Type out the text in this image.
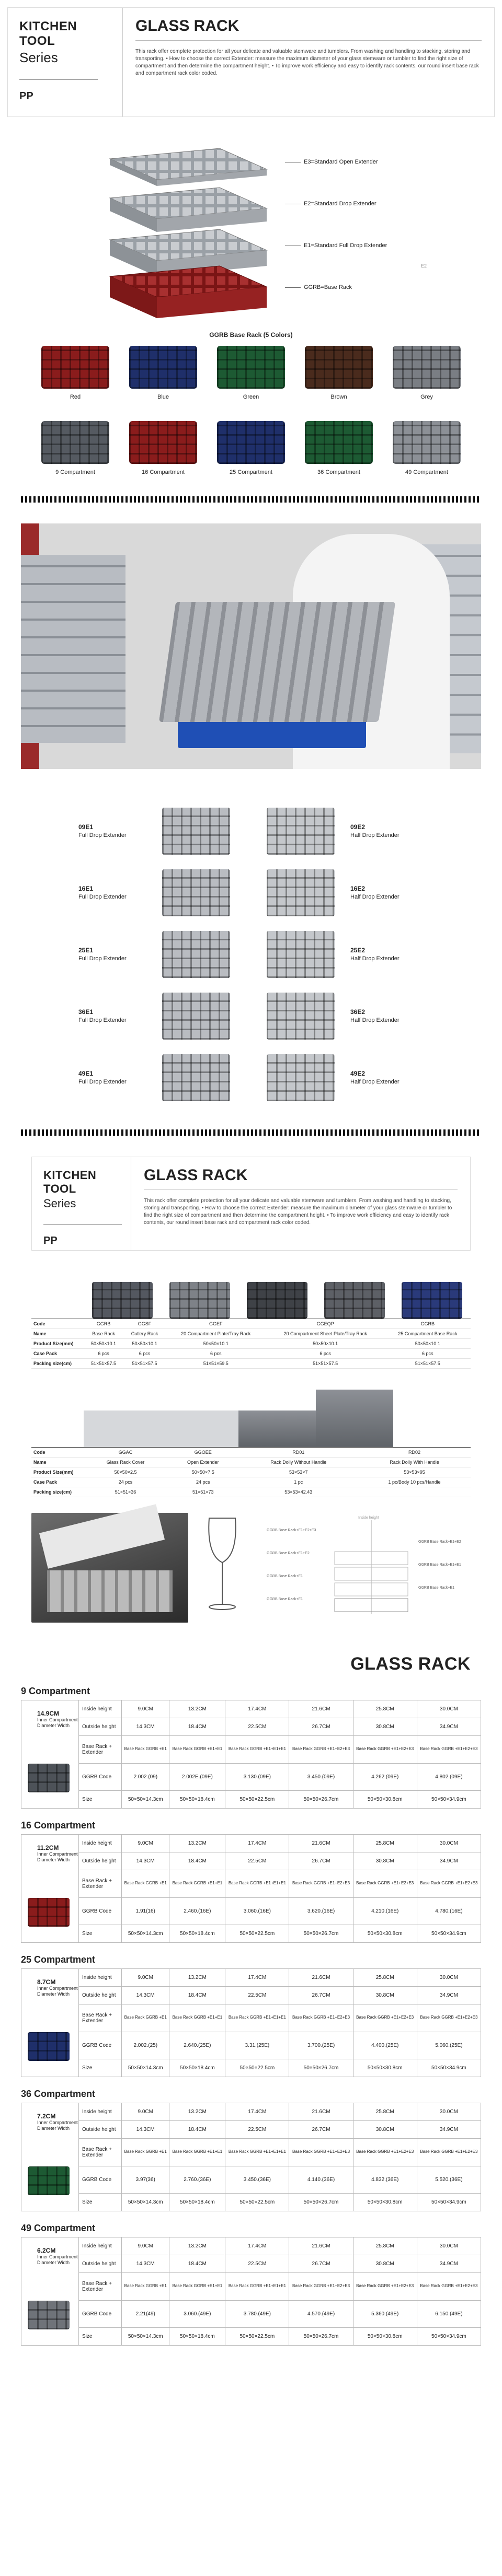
KITCHEN TOOL
Series
PP
GLASS RACK
This rack offer complete protection for all your delicate and valuable stemware and tumblers. From washing and handling to stacking, storing and transporting. • How to choose the correct Extender: measure the maximum diameter of your glass stemware or tumbler to find the right size of compartment and then determine the compartment height. • To improve work efficiency and easy to identify rack contents, our round insert base rack and compartment rack color coded.
E3=Standard Open Extender
E2=Standard Drop Extender
E1=Standard Full Drop Extender
GGRB=Base Rack
E2
GGRB Base Rack (5 Colors)
Red	Blue	Green	Brown	Grey
9 Compartment	16 Compartment	25 Compartment	36 Compartment	49 Compartment
09E1
Full Drop Extender
09E2
Half Drop Extender
16E1
Full Drop Extender
16E2
Half Drop Extender
25E1
Full Drop Extender
25E2
Half Drop Extender
36E1
Full Drop Extender
36E2
Half Drop Extender
49E1
Full Drop Extender
49E2
Half Drop Extender
KITCHEN TOOL
Series
PP
GLASS RACK
This rack offer complete protection for all your delicate and valuable stemware and tumblers. From washing and handling to stacking, storing and transporting. • How to choose the correct Extender: measure the maximum diameter of your glass stemware or tumbler to find the right size of compartment and then determine the compartment height. • To improve work efficiency and easy to identify rack contents, our round insert base rack and compartment rack color coded.
Code	GGRB	GGSF	GGEF	GGEQP	GGRB
Name	Base Rack	Cutlery Rack	20 Compartment Plate/Tray Rack	20 Compartment Sheet Plate/Tray Rack	25 Compartment Base Rack
Product Size(mm)	50×50×10.1	50×50×10.1	50×50×10.1	50×50×10.1	50×50×10.1
Case Pack	6 pcs	6 pcs	6 pcs	6 pcs	6 pcs
Packing size(cm)	51×51×57.5	51×51×57.5	51×51×59.5	51×51×57.5	51×51×57.5
Code	GGAC	GGOEE	RD01	RD02
Name	Glass Rack Cover	Open Extender	Rack Dolly Without Handle	Rack Dolly With Handle
Product Size(mm)	50×50×2.5	50×50×7.5	53×53×7	53×53×95
Case Pack	24 pcs	24 pcs	1 pc	1 pc/Body 10 pcs/Handle
Packing size(cm)	51×51×36	51×51×73	53×53×42.43	
Inside height
GGRB Base Rack+E1+E2+E3
GGRB Base Rack+E1+E2
GGRB Base Rack+E1+E2
GGRB Base Rack+E1+E1
GGRB Base Rack+E1
GGRB Base Rack+E1
GGRB Base Rack+E1
GLASS RACK
9 Compartment
14.9CM
Inner Compartment Diameter Width
Inside height	9.0CM	13.2CM	17.4CM	21.6CM	25.8CM	30.0CM
Outside height	14.3CM	18.4CM	22.5CM	26.7CM	30.8CM	34.9CM
Base Rack + Extender	Base Rack GGRB +E1	Base Rack GGRB +E1+E1	Base Rack GGRB +E1+E1+E1	Base Rack GGRB +E1+E2+E3	Base Rack GGRB +E1+E2+E3	Base Rack GGRB +E1+E2+E3
GGRB Code	2.002.(09)	2.002E.(09E)	3.130.(09E)	3.450.(09E)	4.262.(09E)	4.802.(09E)
Size	50×50×14.3cm	50×50×18.4cm	50×50×22.5cm	50×50×26.7cm	50×50×30.8cm	50×50×34.9cm
16 Compartment
11.2CM
Inner Compartment Diameter Width
Inside height	9.0CM	13.2CM	17.4CM	21.6CM	25.8CM	30.0CM
Outside height	14.3CM	18.4CM	22.5CM	26.7CM	30.8CM	34.9CM
Base Rack + Extender	Base Rack GGRB +E1	Base Rack GGRB +E1+E1	Base Rack GGRB +E1+E1+E1	Base Rack GGRB +E1+E2+E3	Base Rack GGRB +E1+E2+E3	Base Rack GGRB +E1+E2+E3
GGRB Code	1.91(16)	2.460.(16E)	3.060.(16E)	3.620.(16E)	4.210.(16E)	4.780.(16E)
Size	50×50×14.3cm	50×50×18.4cm	50×50×22.5cm	50×50×26.7cm	50×50×30.8cm	50×50×34.9cm
25 Compartment
8.7CM
Inner Compartment Diameter Width
Inside height	9.0CM	13.2CM	17.4CM	21.6CM	25.8CM	30.0CM
Outside height	14.3CM	18.4CM	22.5CM	26.7CM	30.8CM	34.9CM
Base Rack + Extender	Base Rack GGRB +E1	Base Rack GGRB +E1+E1	Base Rack GGRB +E1+E1+E1	Base Rack GGRB +E1+E2+E3	Base Rack GGRB +E1+E2+E3	Base Rack GGRB +E1+E2+E3
GGRB Code	2.002.(25)	2.640.(25E)	3.31.(25E)	3.700.(25E)	4.400.(25E)	5.060.(25E)
Size	50×50×14.3cm	50×50×18.4cm	50×50×22.5cm	50×50×26.7cm	50×50×30.8cm	50×50×34.9cm
36 Compartment
7.2CM
Inner Compartment Diameter Width
Inside height	9.0CM	13.2CM	17.4CM	21.6CM	25.8CM	30.0CM
Outside height	14.3CM	18.4CM	22.5CM	26.7CM	30.8CM	34.9CM
Base Rack + Extender	Base Rack GGRB +E1	Base Rack GGRB +E1+E1	Base Rack GGRB +E1+E1+E1	Base Rack GGRB +E1+E2+E3	Base Rack GGRB +E1+E2+E3	Base Rack GGRB +E1+E2+E3
GGRB Code	3.97(36)	2.760.(36E)	3.450.(36E)	4.140.(36E)	4.832.(36E)	5.520.(36E)
Size	50×50×14.3cm	50×50×18.4cm	50×50×22.5cm	50×50×26.7cm	50×50×30.8cm	50×50×34.9cm
49 Compartment
6.2CM
Inner Compartment Diameter Width
Inside height	9.0CM	13.2CM	17.4CM	21.6CM	25.8CM	30.0CM
Outside height	14.3CM	18.4CM	22.5CM	26.7CM	30.8CM	34.9CM
Base Rack + Extender	Base Rack GGRB +E1	Base Rack GGRB +E1+E1	Base Rack GGRB +E1+E1+E1	Base Rack GGRB +E1+E2+E3	Base Rack GGRB +E1+E2+E3	Base Rack GGRB +E1+E2+E3
GGRB Code	2.21(49)	3.060.(49E)	3.780.(49E)	4.570.(49E)	5.360.(49E)	6.150.(49E)
Size	50×50×14.3cm	50×50×18.4cm	50×50×22.5cm	50×50×26.7cm	50×50×30.8cm	50×50×34.9cm
